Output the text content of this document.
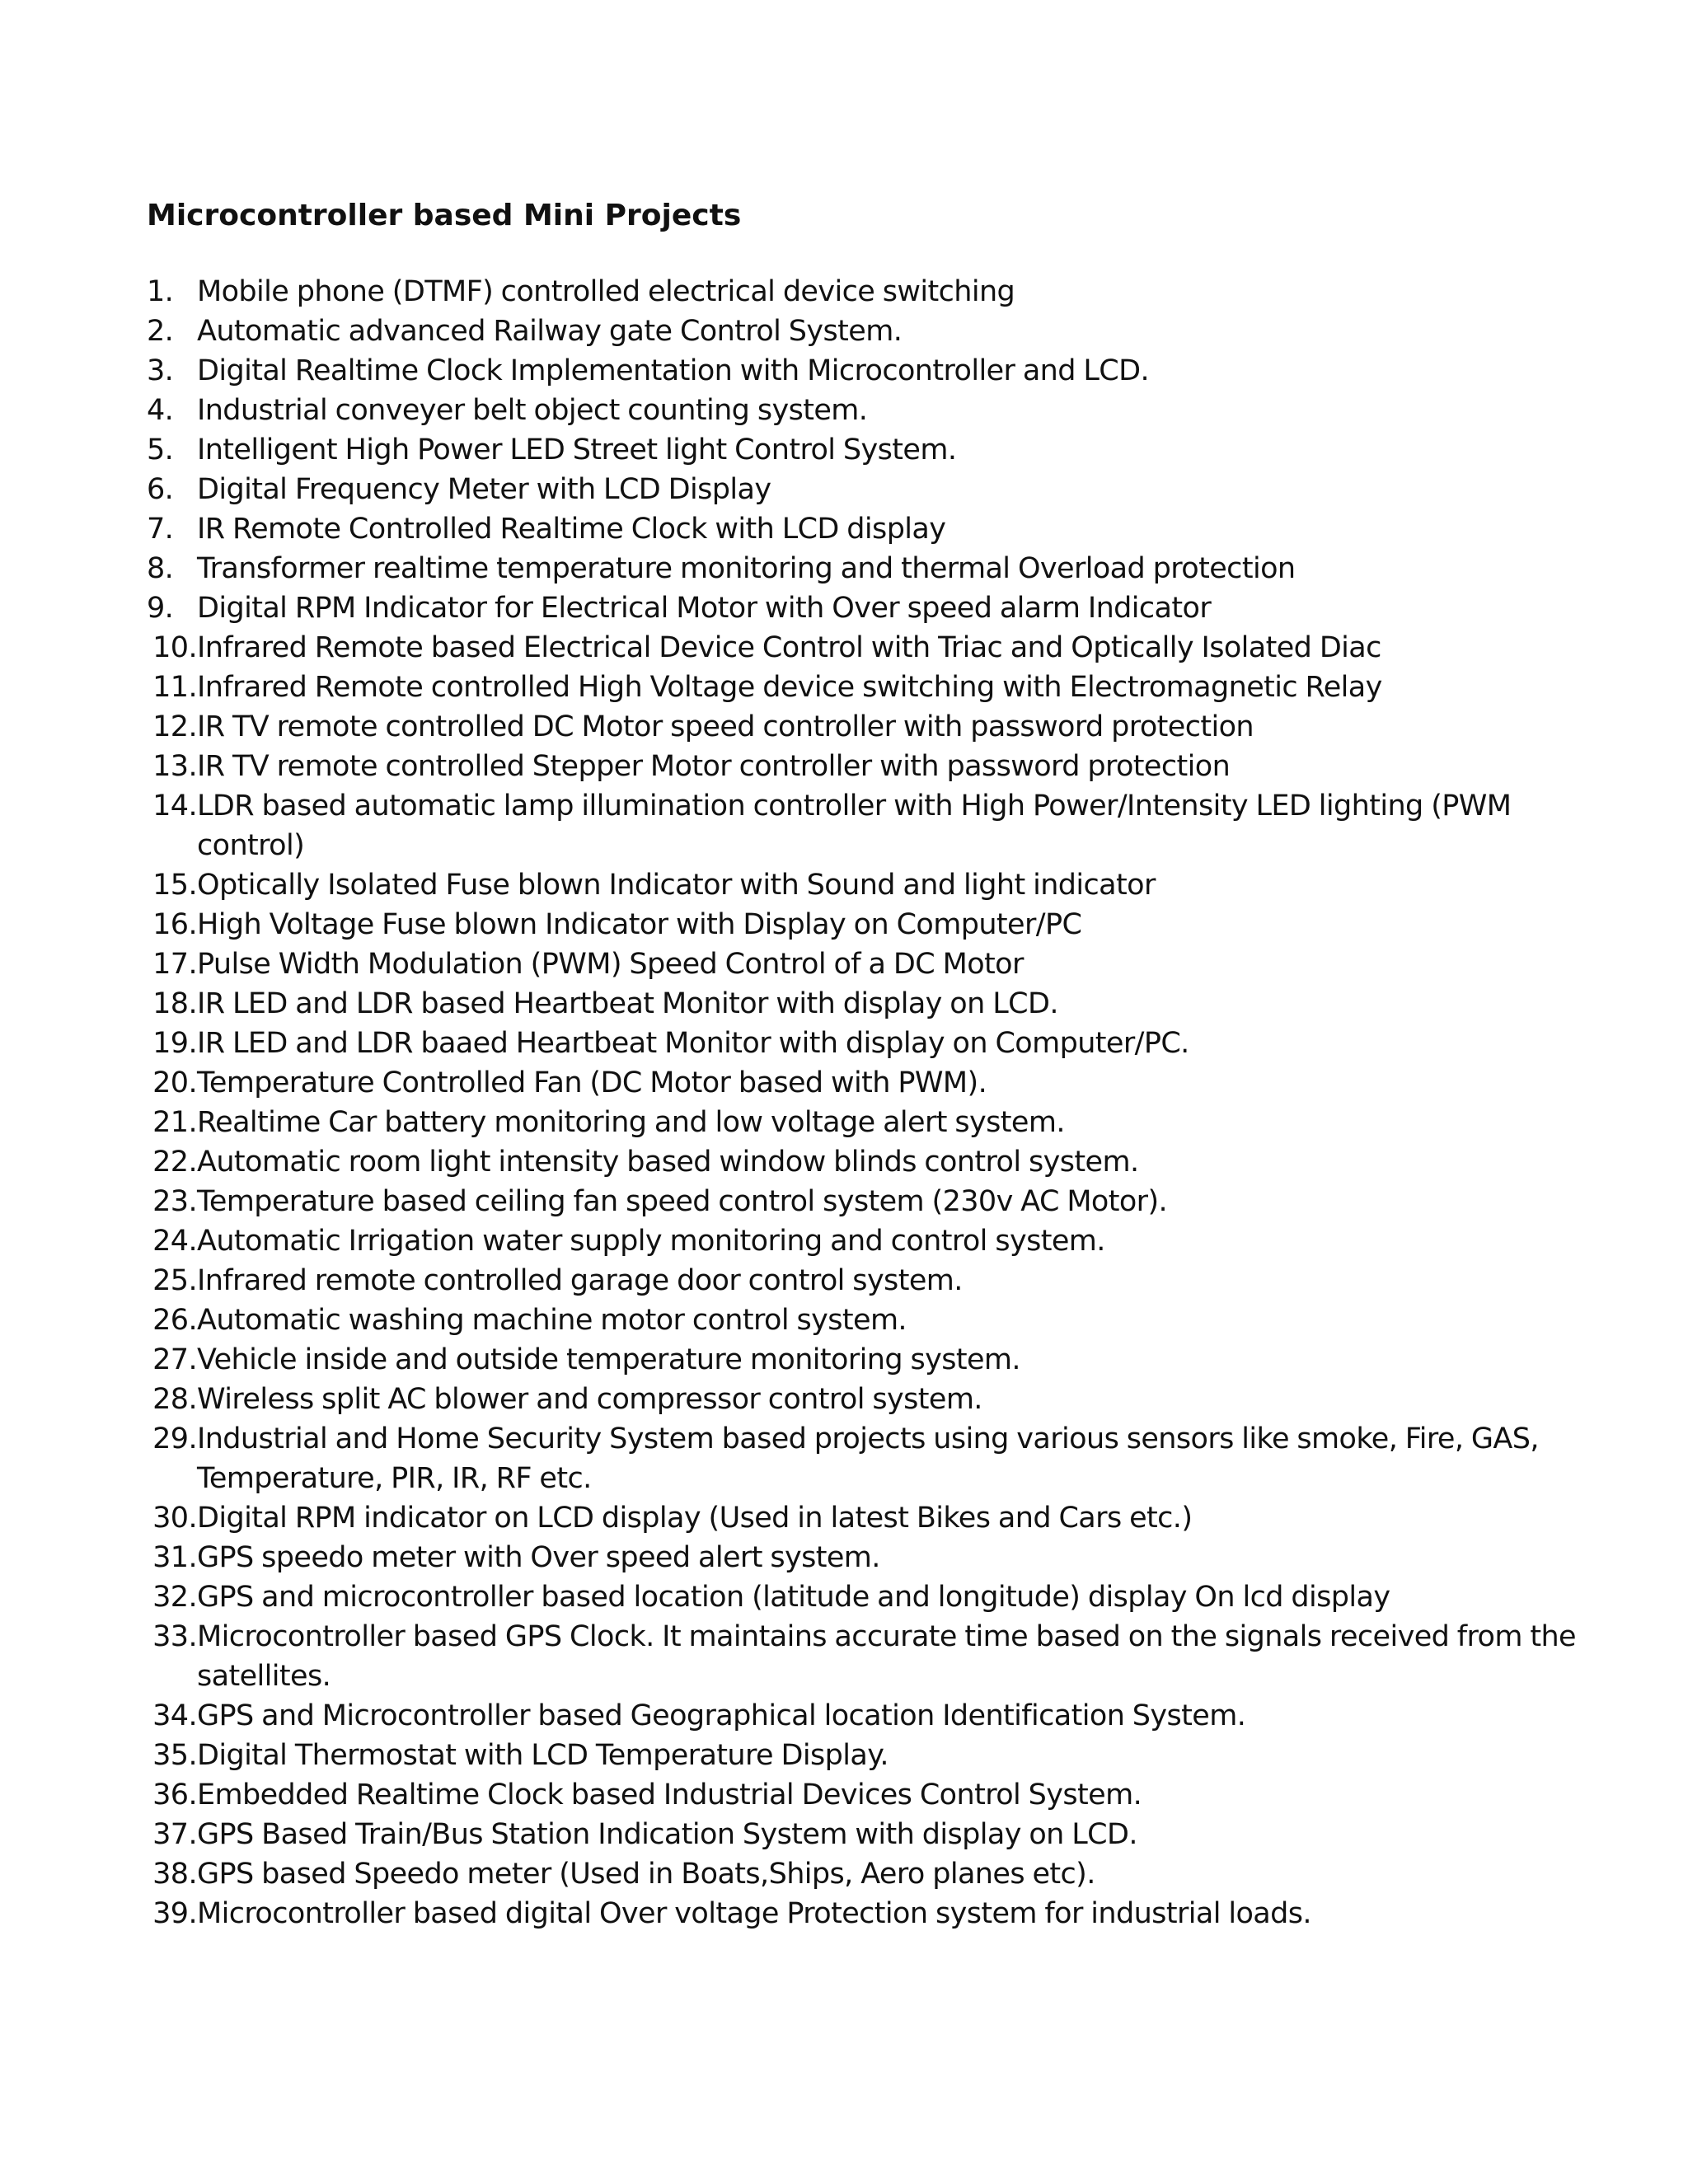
Microcontroller based Mini Projects
1. Mobile phone (DTMF) controlled electrical device switching
2. Automatic advanced Railway gate Control System.
3. Digital Realtime Clock Implementation with Microcontroller and LCD.
4. Industrial conveyer belt object counting system.
5. Intelligent High Power LED Street light Control System.
6. Digital Frequency Meter with LCD Display
7. IR Remote Controlled Realtime Clock with LCD display
8. Transformer realtime temperature monitoring and thermal Overload protection
9. Digital RPM Indicator for Electrical Motor with Over speed alarm Indicator
10. Infrared Remote based Electrical Device Control with Triac and Optically Isolated Diac
11. Infrared Remote controlled High Voltage device switching with Electromagnetic Relay
12. IR TV remote controlled DC Motor speed controller with password protection
13. IR TV remote controlled Stepper Motor controller with password protection
14. LDR based automatic lamp illumination controller with High Power/Intensity LED lighting (PWM control)
15. Optically Isolated Fuse blown Indicator with Sound and light indicator
16. High Voltage Fuse blown Indicator with Display on Computer/PC
17. Pulse Width Modulation (PWM) Speed Control of a DC Motor
18. IR LED and LDR based Heartbeat Monitor with display on LCD.
19. IR LED and LDR baaed Heartbeat Monitor with display on Computer/PC.
20. Temperature Controlled Fan (DC Motor based with PWM).
21. Realtime Car battery monitoring and low voltage alert system.
22. Automatic room light intensity based window blinds control system.
23. Temperature based ceiling fan speed control system (230v AC Motor).
24. Automatic Irrigation water supply monitoring and control system.
25. Infrared remote controlled garage door control system.
26. Automatic washing machine motor control system.
27. Vehicle inside and outside temperature monitoring system.
28. Wireless split AC blower and compressor control system.
29. Industrial and Home Security System based projects using various sensors like smoke, Fire, GAS, Temperature, PIR, IR, RF etc.
30. Digital RPM indicator on LCD display (Used in latest Bikes and Cars etc.)
31. GPS speedo meter with Over speed alert system.
32. GPS and microcontroller based location (latitude and longitude) display On lcd display
33. Microcontroller based GPS Clock. It maintains accurate time based on the signals received from the satellites.
34. GPS and Microcontroller based Geographical location Identification System.
35. Digital Thermostat with LCD Temperature Display.
36. Embedded Realtime Clock based Industrial Devices Control System.
37. GPS Based Train/Bus Station Indication System with display on LCD.
38. GPS based Speedo meter (Used in Boats,Ships, Aero planes etc).
39. Microcontroller based digital Over voltage Protection system for industrial loads.
